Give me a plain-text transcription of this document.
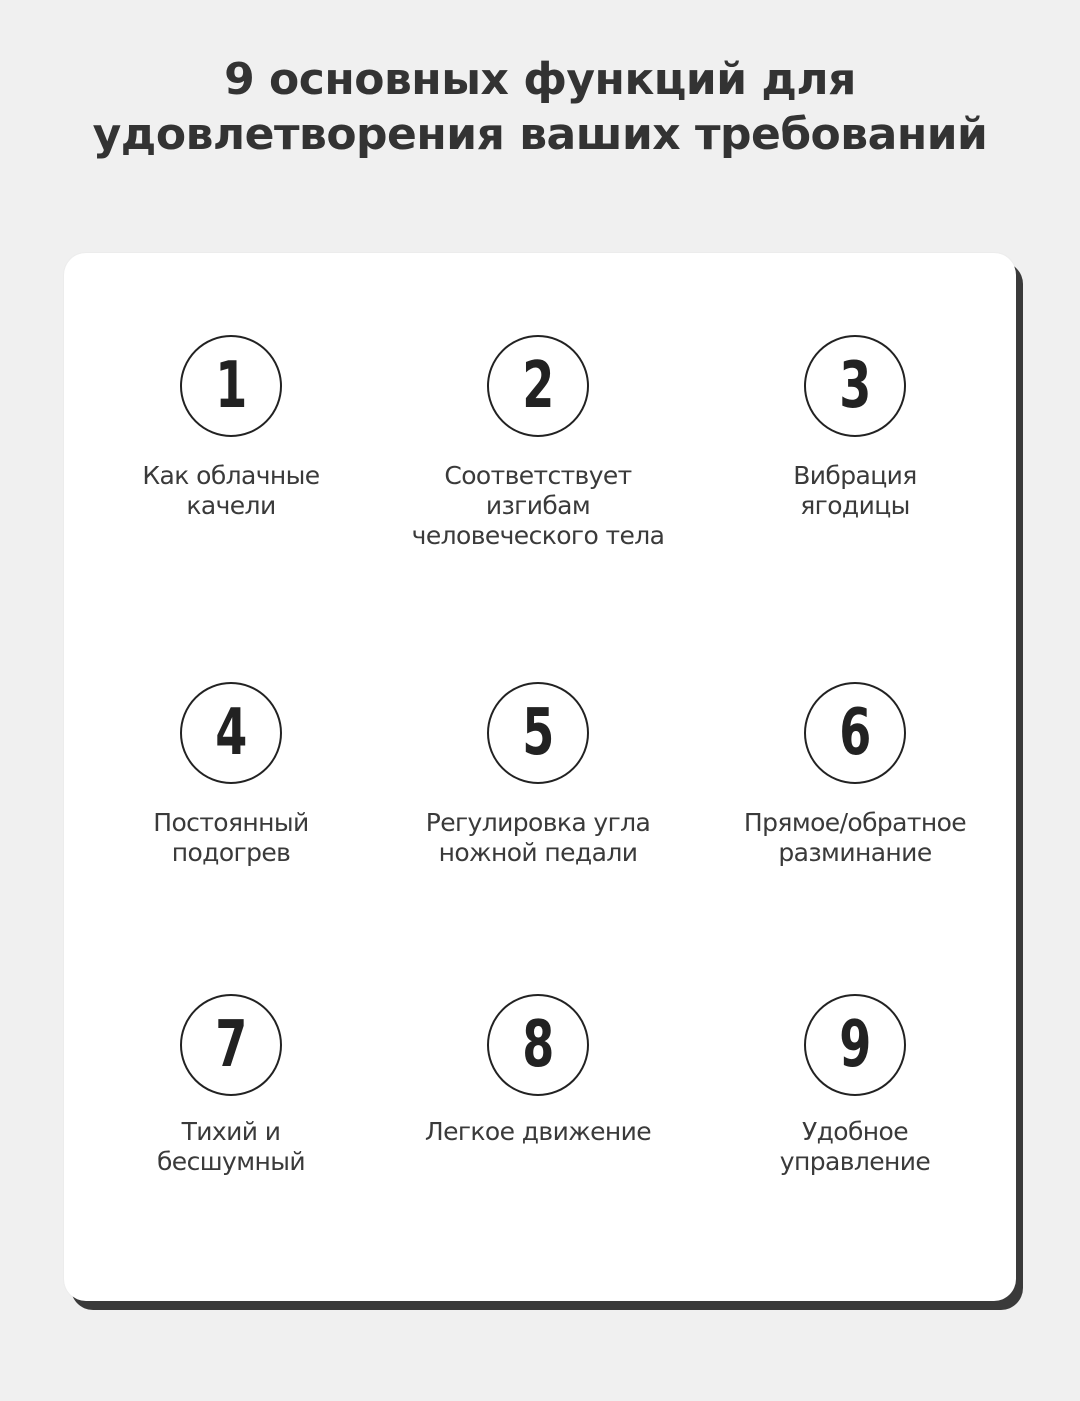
9 основных функций для
удовлетворения ваших требований
1
Как облачные
качели
2
Соответствует
изгибам
человеческого тела
3
Вибрация
ягодицы
4
Постоянный
подогрев
5
Регулировка угла
ножной педали
6
Прямое/обратное
разминание
7
Тихий и
бесшумный
8
Легкое движение
9
Удобное
управление
